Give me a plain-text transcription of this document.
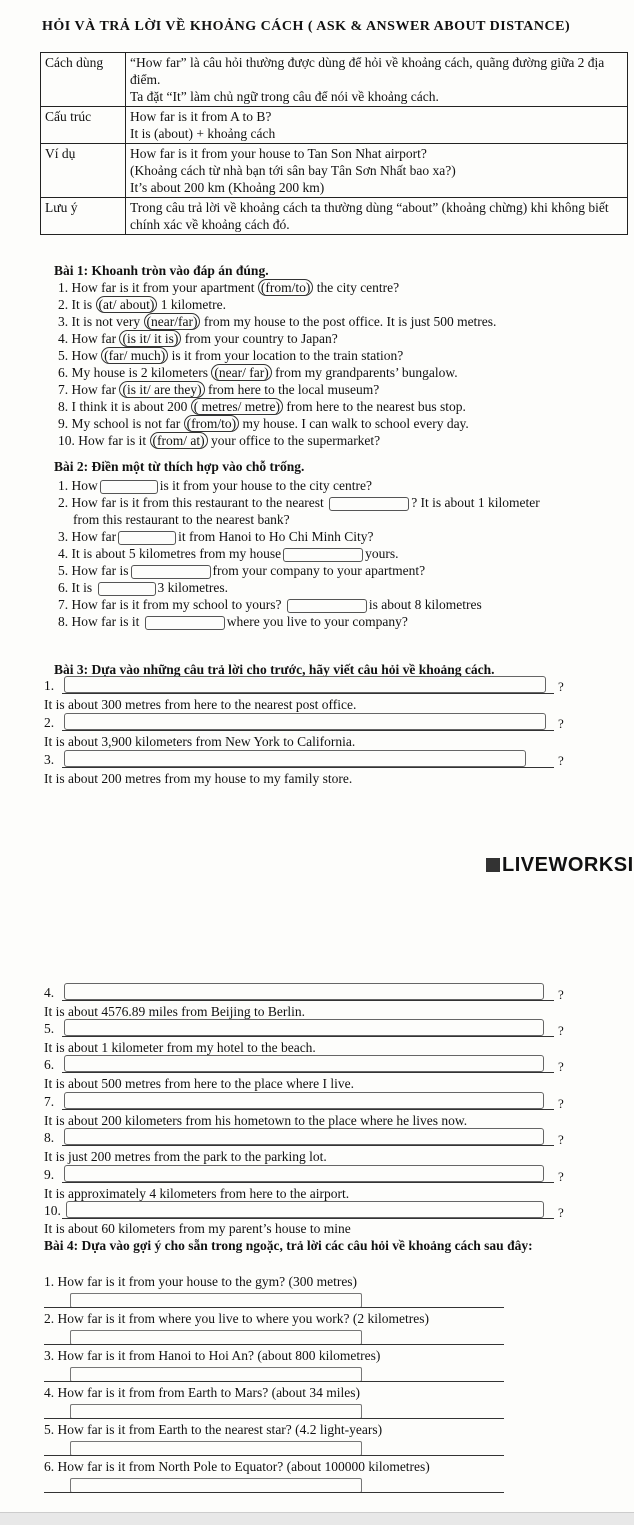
HỎI VÀ TRẢ LỜI VỀ KHOẢNG CÁCH ( ASK & ANSWER ABOUT DISTANCE)
Cách dùng	“How far” là câu hỏi thường được dùng để hỏi về khoảng cách, quãng đường giữa 2 địa điểm.
Ta đặt “It” làm chủ ngữ trong câu để nói về khoảng cách.

Cấu trúc	How far is it from A to B?
It is (about) + khoảng cách

Ví dụ	How far is it from your house to Tan Son Nhat airport?
(Khoảng cách từ nhà bạn tới sân bay Tân Sơn Nhất bao xa?)
It’s about 200 km (Khoảng 200 km)

Lưu ý	Trong câu trả lời về khoảng cách ta thường dùng “about” (khoảng chừng) khi không biết chính xác về khoảng cách đó.
Bài 1: Khoanh tròn vào đáp án đúng.
1. How far is it from your apartment (from/to) the city centre?
2. It is (at/ about) 1 kilometre.
3. It is not very (near/far) from my house to the post office. It is just 500 metres.
4. How far (is it/ it is) from your country to Japan?
5. How (far/ much) is it from your location to the train station?
6. My house is 2 kilometers (near/ far) from my grandparents’ bungalow.
7. How far (is it/ are they) from here to the local museum?
8. I think it is about 200 ( metres/ metre) from here to the nearest bus stop.
9. My school is not far (from/to) my house. I can walk to school every day.
10. How far is it (from/ at) your office to the supermarket?
Bài 2: Điền một từ thích hợp vào chỗ trống.
1. How	is it from your house to the city centre?
2. How far is it from this restaurant to the nearest	? It is about 1 kilometer
from this restaurant to the nearest bank?
3. How far	it from Hanoi to Ho Chi Minh City?
4. It is about 5 kilometres from my house	yours.
5. How far is	from your company to your apartment?
6. It is	3 kilometres.
7. How far is it from my school to yours?	is about 8 kilometres
8. How far is it	where you live to your company?
Bài 3: Dựa vào những câu trả lời cho trước, hãy viết câu hỏi về khoảng cách.
1.	?
It is about 300 metres from here to the nearest post office.
2.	?
It is about 3,900 kilometers from New York to California.
3.	?
It is about 200 metres from my house to my family store.
LIVEWORKSI
4.	?
It is about 4576.89 miles from Beijing to Berlin.
5.	?
It is about 1 kilometer from my hotel to the beach.
6.	?
It is about 500 metres from here to the place where I live.
7.	?
It is about 200 kilometers from his hometown to the place where he lives now.
8.	?
It is just 200 metres from the park to the parking lot.
9.	?
It is approximately 4 kilometers from here to the airport.
10.	?
It is about 60 kilometers from my parent’s house to mine
Bài 4: Dựa vào gợi ý cho sẵn trong ngoặc, trả lời các câu hỏi về khoảng cách sau đây:
1. How far is it from your house to the gym? (300 metres)
2. How far is it from where you live to where you work? (2 kilometres)
3. How far is it from Hanoi to Hoi An? (about 800 kilometres)
4. How far is it from from Earth to Mars? (about 34 miles)
5. How far is it from Earth to the nearest star? (4.2 light-years)
6. How far is it from North Pole to Equator? (about 100000 kilometres)
